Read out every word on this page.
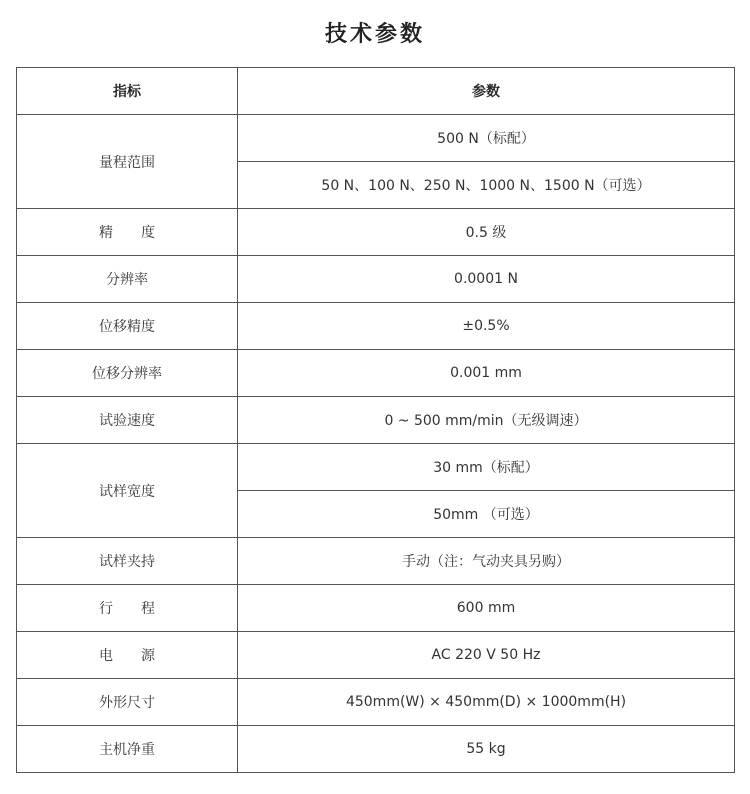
技术参数
指标	参数
量程范围	500 N（标配）
	50 N、100 N、250 N、1000 N、1500 N（可选）
精　　度	0.5 级
分辨率	0.0001 N
位移精度	±0.5%
位移分辨率	0.001 mm
试验速度	0 ~ 500 mm/min（无级调速）
试样宽度	30 mm（标配）
	50mm （可选）
试样夹持	手动（注：气动夹具另购）
行　　程	600 mm
电　　源	AC 220 V 50 Hz
外形尺寸	450mm(W) × 450mm(D) × 1000mm(H)
主机净重	55 kg
